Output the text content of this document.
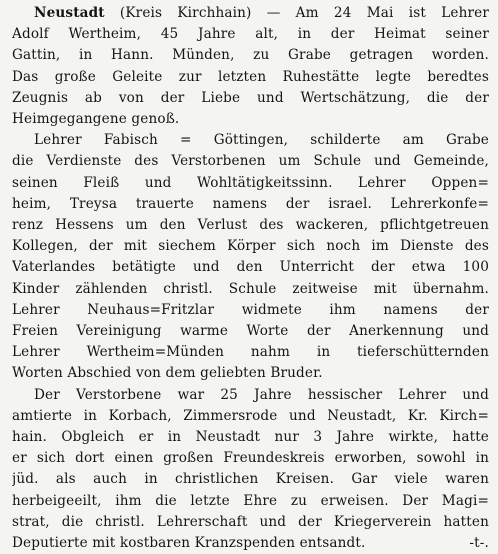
Neustadt (Kreis Kirchhain) — Am 24 Mai ist Lehrer
Adolf Wertheim, 45 Jahre alt, in der Heimat seiner
Gattin, in Hann. Münden, zu Grabe getragen worden.
Das große Geleite zur letzten Ruhestätte legte beredtes
Zeugnis ab von der Liebe und Wertschätzung, die der
Heimgegangene genoß.
Lehrer Fabisch = Göttingen, schilderte am Grabe
die Verdienste des Verstorbenen um Schule und Gemeinde,
seinen Fleiß und Wohltätigkeitssinn. Lehrer Oppen=
heim, Treysa trauerte namens der israel. Lehrerkonfe=
renz Hessens um den Verlust des wackeren, pflichtgetreuen
Kollegen, der mit siechem Körper sich noch im Dienste des
Vaterlandes betätigte und den Unterricht der etwa 100
Kinder zählenden christl. Schule zeitweise mit übernahm.
Lehrer Neuhaus=Fritzlar widmete ihm namens der
Freien Vereinigung warme Worte der Anerkennung und
Lehrer Wertheim=Münden nahm in tieferschütternden
Worten Abschied von dem geliebten Bruder.
Der Verstorbene war 25 Jahre hessischer Lehrer und
amtierte in Korbach, Zimmersrode und Neustadt, Kr. Kirch=
hain. Obgleich er in Neustadt nur 3 Jahre wirkte, hatte
er sich dort einen großen Freundeskreis erworben, sowohl in
jüd. als auch in christlichen Kreisen. Gar viele waren
herbeigeeilt, ihm die letzte Ehre zu erweisen. Der Magi=
strat, die christl. Lehrerschaft und der Kriegerverein hatten
Deputierte mit kostbaren Kranzspenden entsandt.	-t-.
